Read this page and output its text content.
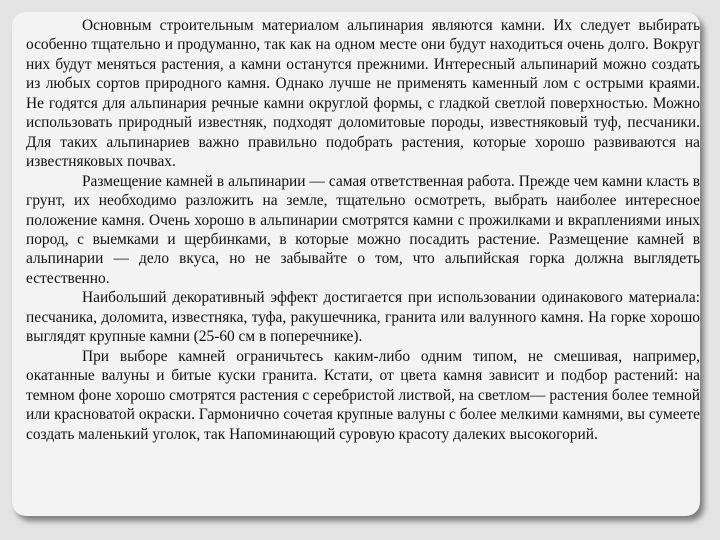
Основным строительным материалом альпинария являются камни. Их следует выбирать особенно тщательно и продуманно, так как на одном месте они будут находиться очень долго. Вокруг них будут меняться растения, а камни останутся прежними. Интересный альпинарий можно создать из любых сортов природного камня. Однако лучше не применять каменный лом с острыми краями. Не годятся для альпинария речные камни округлой формы, с гладкой светлой поверхностью. Можно использовать природный известняк, подходят доломитовые породы, известняковый туф, песчаники. Для таких альпинариев важно правильно подобрать растения, которые хорошо развиваются на известняковых почвах.

Размещение камней в альпинарии — самая ответственная работа. Прежде чем камни класть в грунт, их необходимо разложить на земле, тщательно осмотреть, выбрать наиболее интересное положение камня. Очень хорошо в альпинарии смотрятся камни с прожилками и вкраплениями иных пород, с выемками и щербинками, в которые можно посадить растение. Размещение камней в альпинарии — дело вкуса, но не забывайте о том, что альпийская горка должна выглядеть естественно.

Наибольший декоративный эффект достигается при использовании одинакового материала: песчаника, доломита, известняка, туфа, ракушечника, гранита или валунного камня. На горке хорошо выглядят крупные камни (25-60 см в поперечнике).

При выборе камней ограничьтесь каким-либо одним типом, не смешивая, например, окатанные валуны и битые куски гранита. Кстати, от цвета камня зависит и подбор растений: на темном фоне хорошо смотрятся растения с серебристой листвой, на светлом— растения более темной или красноватой окраски. Гармонично сочетая крупные валуны с более мелкими камнями, вы сумеете создать маленький уголок, так Напоминающий суровую красоту далеких высокогорий.
